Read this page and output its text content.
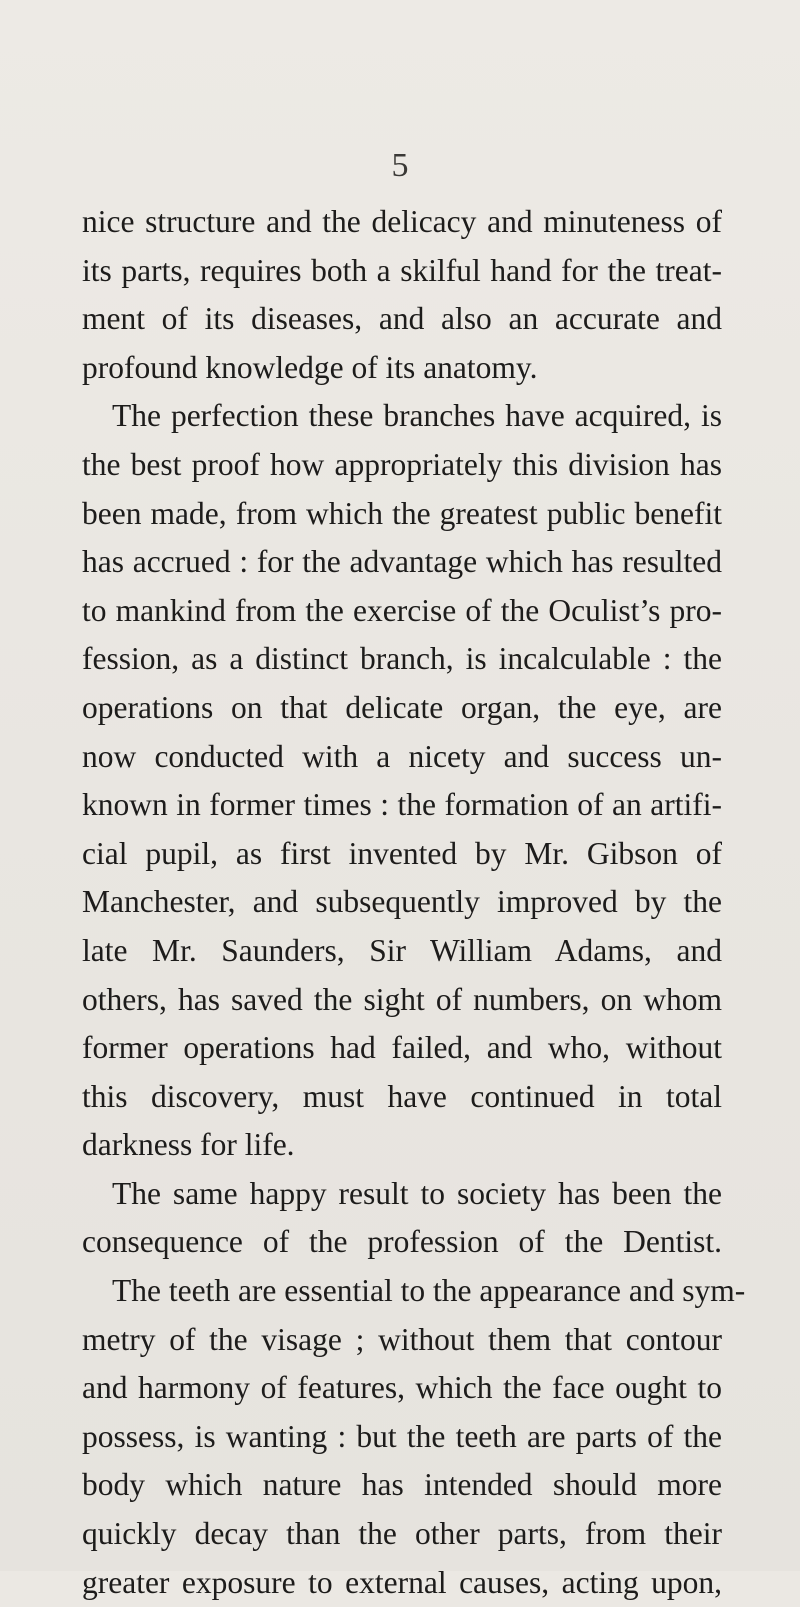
5
nice structure and the delicacy and minuteness of
its parts, requires both a skilful hand for the treat-
ment of its diseases, and also an accurate and
profound knowledge of its anatomy.
The perfection these branches have acquired, is
the best proof how appropriately this division has
been made, from which the greatest public benefit
has accrued : for the advantage which has resulted
to mankind from the exercise of the Oculist’s pro-
fession, as a distinct branch, is incalculable : the
operations on that delicate organ, the eye, are
now conducted with a nicety and success un-
known in former times : the formation of an artifi-
cial pupil, as first invented by Mr. Gibson of
Manchester, and subsequently improved by the
late Mr. Saunders, Sir William Adams, and
others, has saved the sight of numbers, on whom
former operations had failed, and who, without
this discovery, must have continued in total
darkness for life.
The same happy result to society has been the
consequence of the profession of the Dentist.
The teeth are essential to the appearance and sym-
metry of the visage ; without them that contour
and harmony of features, which the face ought to
possess, is wanting : but the teeth are parts of the
body which nature has intended should more
quickly decay than the other parts, from their
greater exposure to external causes, acting upon,
